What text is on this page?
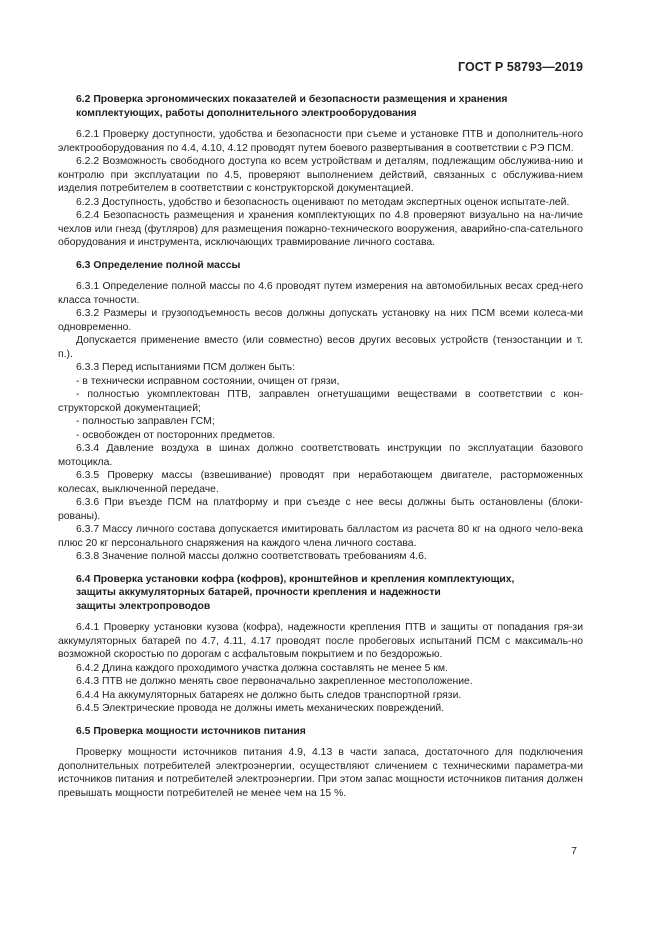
ГОСТ Р 58793—2019
6.2 Проверка эргономических показателей и безопасности размещения и хранения
комплектующих, работы дополнительного электрооборудования

6.2.1 Проверку доступности, удобства и безопасности при съеме и установке ПТВ и дополнитель-ного электрооборудования по 4.4, 4.10, 4.12 проводят путем боевого развертывания в соответствии с РЭ ПСМ.

6.2.2 Возможность свободного доступа ко всем устройствам и деталям, подлежащим обслужива-нию и контролю при эксплуатации по 4.5, проверяют выполнением действий, связанных с обслужива-нием изделия потребителем в соответствии с конструкторской документацией.

6.2.3 Доступность, удобство и безопасность оценивают по методам экспертных оценок испытате-лей.

6.2.4 Безопасность размещения и хранения комплектующих по 4.8 проверяют визуально на на-личие чехлов или гнезд (футляров) для размещения пожарно-технического вооружения, аварийно-спа-сательного оборудования и инструмента, исключающих травмирование личного состава.

6.3 Определение полной массы

6.3.1 Определение полной массы по 4.6 проводят путем измерения на автомобильных весах сред-него класса точности.

6.3.2 Размеры и грузоподъемность весов должны допускать установку на них ПСМ всеми колеса-ми одновременно.

Допускается применение вместо (или совместно) весов других весовых устройств (тензостанции и т. п.).

6.3.3 Перед испытаниями ПСМ должен быть:

- в технически исправном состоянии, очищен от грязи,

- полностью укомплектован ПТВ, заправлен огнетушащими веществами в соответствии с кон-структорской документацией;

- полностью заправлен ГСМ;

- освобожден от посторонних предметов.

6.3.4 Давление воздуха в шинах должно соответствовать инструкции по эксплуатации базового мотоцикла.

6.3.5 Проверку массы (взвешивание) проводят при неработающем двигателе, расторможенных колесах, выключенной передаче.

6.3.6 При въезде ПСМ на платформу и при съезде с нее весы должны быть остановлены (блоки-рованы).

6.3.7 Массу личного состава допускается имитировать балластом из расчета 80 кг на одного чело-века плюс 20 кг персонального снаряжения на каждого члена личного состава.

6.3.8 Значение полной массы должно соответствовать требованиям 4.6.

6.4 Проверка установки кофра (кофров), кронштейнов и крепления комплектующих,
защиты аккумуляторных батарей, прочности крепления и надежности
защиты электропроводов

6.4.1 Проверку установки кузова (кофра), надежности крепления ПТВ и защиты от попадания гря-зи аккумуляторных батарей по 4.7, 4.11, 4.17 проводят после пробеговых испытаний ПСМ с максималь-но возможной скоростью по дорогам с асфальтовым покрытием и по бездорожью.

6.4.2 Длина каждого проходимого участка должна составлять не менее 5 км.

6.4.3 ПТВ не должно менять свое первоначально закрепленное местоположение.

6.4.4 На аккумуляторных батареях не должно быть следов транспортной грязи.

6.4.5 Электрические провода не должны иметь механических повреждений.

6.5 Проверка мощности источников питания

Проверку мощности источников питания 4.9, 4.13 в части запаса, достаточного для подключения дополнительных потребителей электроэнергии, осуществляют сличением с техническими параметра-ми источников питания и потребителей электроэнергии. При этом запас мощности источников питания должен превышать мощности потребителей не менее чем на 15 %.

7
